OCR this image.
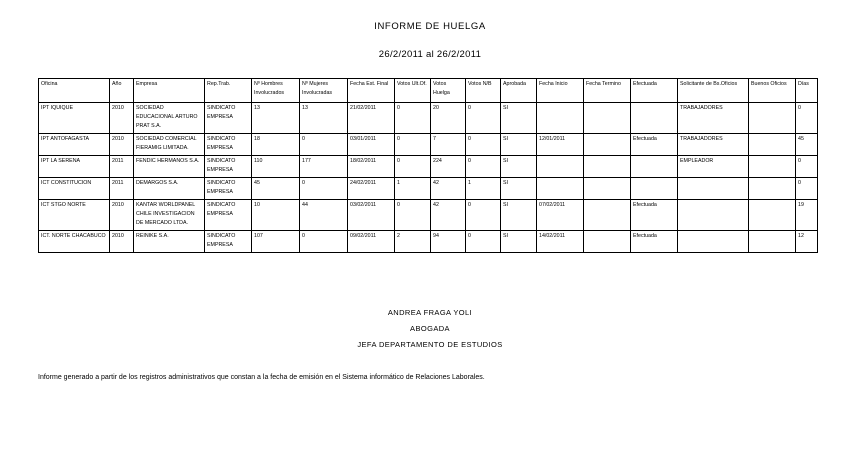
INFORME DE HUELGA
26/2/2011 al 26/2/2011
Oficina	Año	Empresa	Rep.Trab.	Nº Hombres Involucrados	Nº Mujeres Involucradas	Fecha Est. Final	Votos Ult.Of.	Votos Huelga	Votos N/B	Aprobada	Fecha Inicio	Fecha Termino	Efectuada	Solicitante de Bs.Oficios	Buenos Oficios	Días
IPT IQUIQUE	2010	SOCIEDAD EDUCACIONAL ARTURO PRAT S.A.	SINDICATO EMPRESA	13	13	21/02/2011	0	20	0	SI				TRABAJADORES		0
IPT ANTOFAGASTA	2010	SOCIEDAD COMERCIAL FIERAMIG LIMITADA.	SINDICATO EMPRESA	18	0	03/01/2011	0	7	0	SI	12/01/2011		Efectuada	TRABAJADORES		45
IPT LA SERENA	2011	FENDIC HERMANOS S.A.	SINDICATO EMPRESA	110	177	18/02/2011	0	224	0	SI				EMPLEADOR		0
ICT CONSTITUCION	2011	DEMARGOS S.A.	SINDICATO EMPRESA	45	0	24/02/2011	1	42	1	SI						0
ICT STGO NORTE	2010	KANTAR WORLDPANEL CHILE INVESTIGACION DE MERCADO LTDA.	SINDICATO EMPRESA	10	44	03/02/2011	0	42	0	SI	07/02/2011		Efectuada			19
ICT. NORTE CHACABUCO	2010	REINIKE S.A.	SINDICATO EMPRESA	107	0	09/02/2011	2	94	0	SI	14/02/2011		Efectuada			12
ANDREA FRAGA YOLI
ABOGADA
JEFA DEPARTAMENTO DE ESTUDIOS
Informe generado a partir de los registros administrativos que constan a la fecha de emisión en el Sistema informático de Relaciones Laborales.
